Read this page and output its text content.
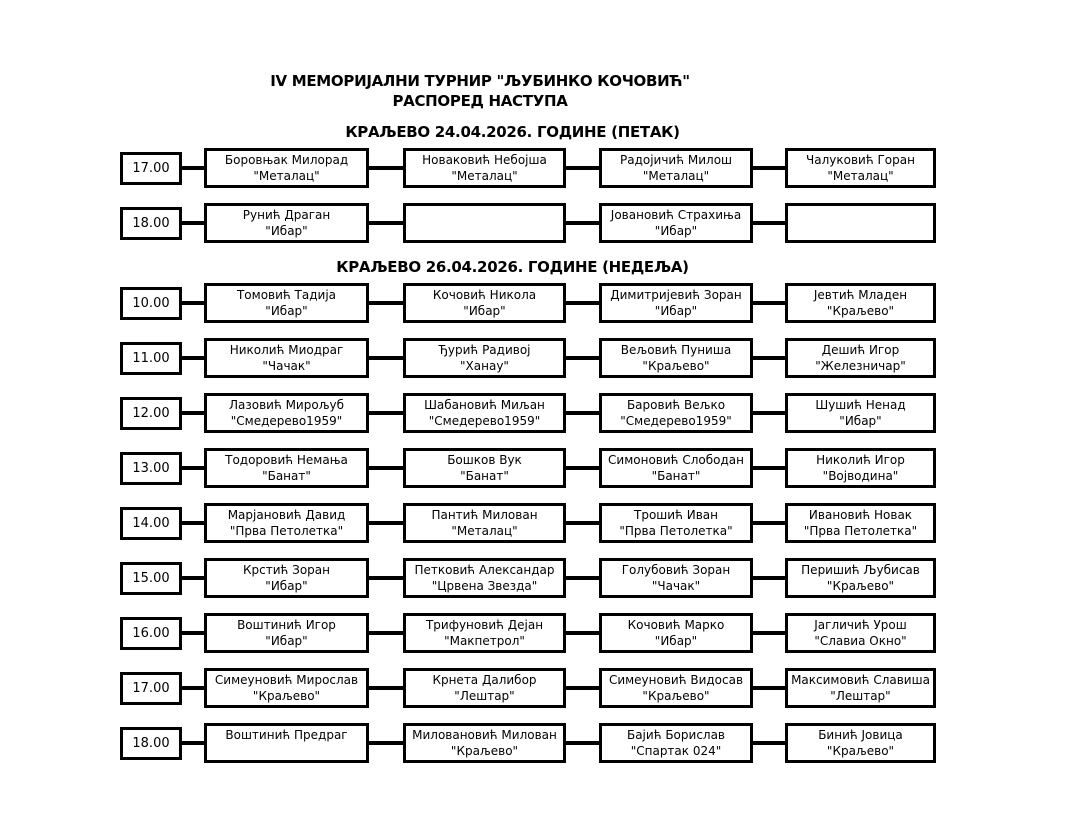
IV МЕМОРИЈАЛНИ ТУРНИР "ЉУБИНКО КОЧОВИЋ"
РАСПОРЕД НАСТУПА
КРАЉЕВО 24.04.2026. ГОДИНЕ (ПЕТАК)
17.00
Боровњак Милорад
"Металац"
Новаковић Небојша
"Металац"
Радојичић Милош
"Металац"
Чалуковић Горан
"Металац"
18.00
Рунић Драган
"Ибар"
Јовановић Страхиња
"Ибар"
КРАЉЕВО 26.04.2026. ГОДИНЕ (НЕДЕЉА)
10.00
Томовић Тадија
"Ибар"
Кочовић Никола
"Ибар"
Димитријевић Зоран
"Ибар"
Јевтић Младен
"Краљево"
11.00
Николић Миодраг
"Чачак"
Ђурић Радивој
"Ханау"
Вељовић Пуниша
"Краљево"
Дешић Игор
"Железничар"
12.00
Лазовић Мирољуб
"Смедерево1959"
Шабановић Миљан
"Смедерево1959"
Баровић Вељко
"Смедерево1959"
Шушић Ненад
"Ибар"
13.00
Тодоровић Немања
"Банат"
Бошков Вук
"Банат"
Симоновић Слободан
"Банат"
Николић Игор
"Војводина"
14.00
Марјановић Давид
"Прва Петолетка"
Пантић Милован
"Металац"
Трошић Иван
"Прва Петолетка"
Ивановић Новак
"Прва Петолетка"
15.00
Крстић Зоран
"Ибар"
Петковић Александар
"Црвена Звезда"
Голубовић Зоран
"Чачак"
Перишић Љубисав
"Краљево"
16.00
Воштинић Игор
"Ибар"
Трифуновић Дејан
"Макпетрол"
Кочовић Марко
"Ибар"
Јагличић Урош
"Славиа Окно"
17.00
Симеуновић Мирослав
"Краљево"
Крнета Далибор
"Лештар"
Симеуновић Видосав
"Краљево"
Максимовић Славиша
"Лештар"
18.00
Воштинић Предраг	Миловановић Милован
"Краљево"
Бајић Борислав
"Спартак 024"
Бинић Јовица
"Краљево"
